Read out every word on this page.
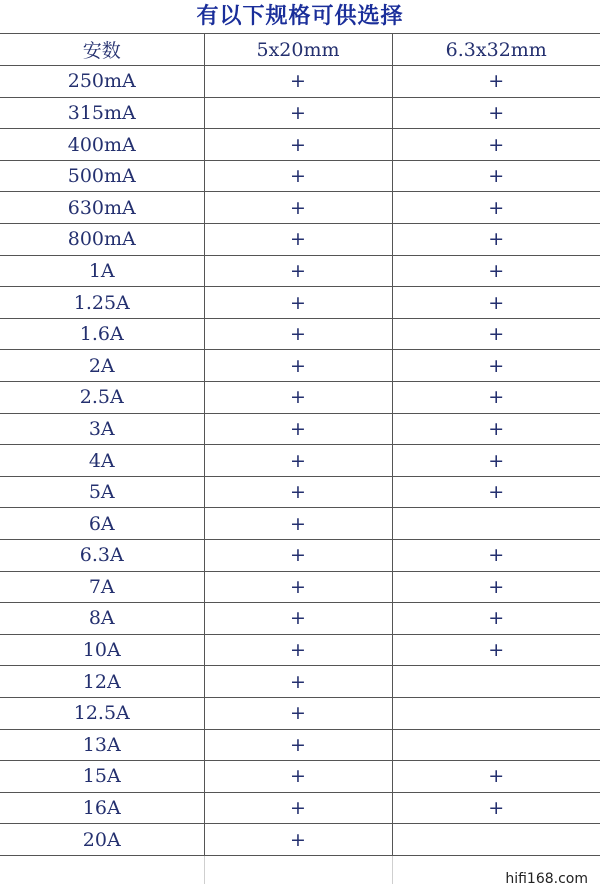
有以下规格可供选择
安数	5x20mm	6.3x32mm
250mA	+	+
315mA	+	+
400mA	+	+
500mA	+	+
630mA	+	+
800mA	+	+
1A	+	+
1.25A	+	+
1.6A	+	+
2A	+	+
2.5A	+	+
3A	+	+
4A	+	+
5A	+	+
6A	+	
6.3A	+	+
7A	+	+
8A	+	+
10A	+	+
12A	+	
12.5A	+	
13A	+	
15A	+	+
16A	+	+
20A	+	

hifi168.com
